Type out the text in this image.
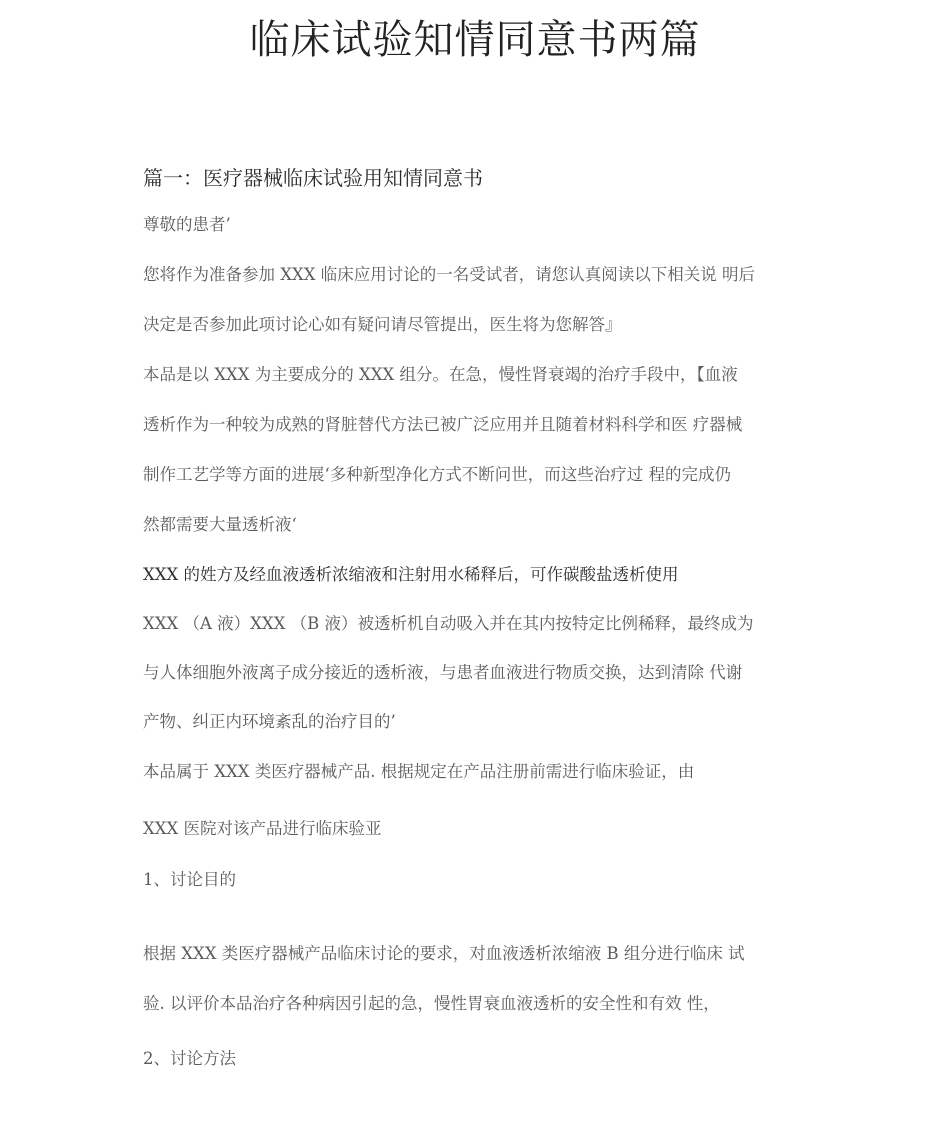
临床试验知情同意书两篇
篇一：医疗器械临床试验用知情同意书
尊敬的患者’
您将作为准备参加 XXX 临床应用讨论的一名受试者，请您认真阅读以下相关说 明后
决定是否参加此项讨论心如有疑问请尽管提出，医生将为您解答』
本品是以 XXX 为主要成分的 XXX 组分。在急，慢性肾衰竭的治疗手段中，【血液
透析作为一种较为成熟的肾脏替代方法已被广泛应用并且随着材料科学和医 疗器械
制作工艺学等方面的进展‘多种新型净化方式不断问世，而这些治疗过 程的完成仍
然都需要大量透析液‘
XXX 的姓方及经血液透析浓缩液和注射用水稀释后，可作碳酸盐透析使用
XXX （A 液）XXX （B 液）被透析机自动吸入并在其内按特定比例稀释，最终成为
与人体细胞外液离子成分接近的透析液，与患者血液进行物质交换，达到清除 代谢
产物、纠正内环境紊乱的治疗目的’
本品属于 XXX 类医疗器械产品. 根据规定在产品注册前需进行临床验证，由
XXX 医院对该产品进行临床验亚
1、讨论目的
根据 XXX 类医疗器械产品临床讨论的要求，对血液透析浓缩液 B 组分进行临床 试
验. 以评价本品治疗各种病因引起的急，慢性胃衰血液透析的安全性和有效 性，
2、讨论方法
